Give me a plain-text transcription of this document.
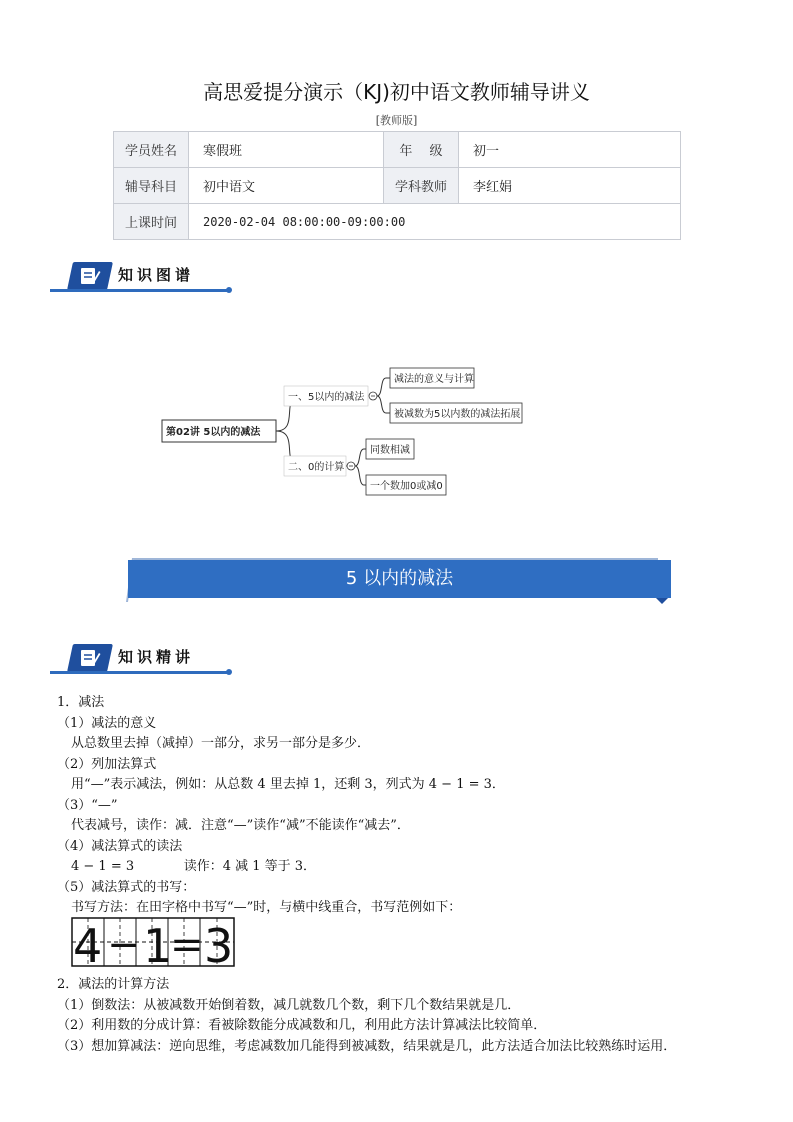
高思爱提分演示（KJ)初中语文教师辅导讲义
[教师版]
学员姓名	寒假班	年　 级	初一
辅导科目	初中语文	学科教师	李红娟
上课时间	2020-02-04 08:00:00-09:00:00		
知识图谱
第02讲 5以内的减法
一、5以内的减法
减法的意义与计算
被减数为5以内数的减法拓展
二、0的计算
同数相减
一个数加0或减0
5 以内的减法
知识精讲
1．减法
（1）减法的意义
从总数里去掉（减掉）一部分，求另一部分是多少．
（2）列加法算式
用“—”表示减法，例如：从总数 4 里去掉 1，还剩 3，列式为 4 − 1 = 3．
（3）“—”
代表减号，读作：减．注意“—”读作“减”不能读作“减去”．
（4）减法算式的读法
4 − 1 = 3            读作：4 减 1 等于 3．
（5）减法算式的书写：
书写方法：在田字格中书写“—”时，与横中线重合，书写范例如下：
4 − 1
= 3
2．减法的计算方法
（1）倒数法：从被减数开始倒着数，减几就数几个数，剩下几个数结果就是几．
（2）利用数的分成计算：看被除数能分成减数和几，利用此方法计算减法比较简单．
（3）想加算减法：逆向思维，考虑减数加几能得到被减数，结果就是几，此方法适合加法比较熟练时运用．
